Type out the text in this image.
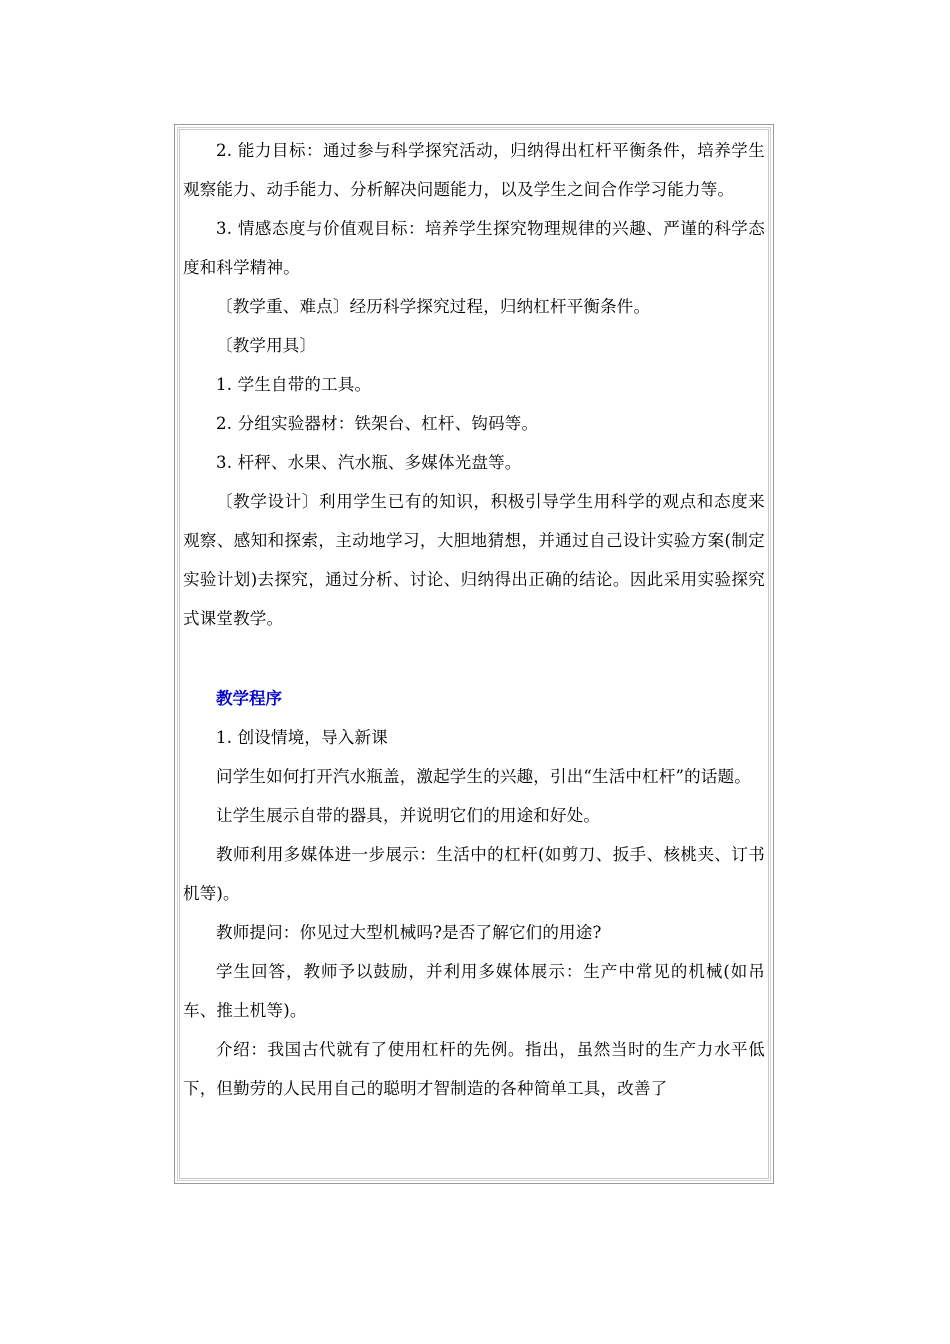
2. 能力目标：通过参与科学探究活动，归纳得出杠杆平衡条件，培养学生观察能力、动手能力、分析解决问题能力，以及学生之间合作学习能力等。

3. 情感态度与价值观目标：培养学生探究物理规律的兴趣、严谨的科学态度和科学精神。

〔教学重、难点〕经历科学探究过程，归纳杠杆平衡条件。

〔教学用具〕

1. 学生自带的工具。

2. 分组实验器材：铁架台、杠杆、钩码等。

3. 杆秤、水果、汽水瓶、多媒体光盘等。

〔教学设计〕利用学生已有的知识，积极引导学生用科学的观点和态度来观察、感知和探索，主动地学习，大胆地猜想，并通过自己设计实验方案(制定实验计划)去探究，通过分析、讨论、归纳得出正确的结论。因此采用实验探究式课堂教学。

教学程序

1. 创设情境，导入新课

问学生如何打开汽水瓶盖，激起学生的兴趣，引出“生活中杠杆”的话题。

让学生展示自带的器具，并说明它们的用途和好处。

教师利用多媒体进一步展示：生活中的杠杆(如剪刀、扳手、核桃夹、订书机等)。

教师提问：你见过大型机械吗?是否了解它们的用途?

学生回答，教师予以鼓励，并利用多媒体展示：生产中常见的机械(如吊车、推土机等)。

介绍：我国古代就有了使用杠杆的先例。指出，虽然当时的生产力水平低下，但勤劳的人民用自己的聪明才智制造的各种简单工具，改善了
